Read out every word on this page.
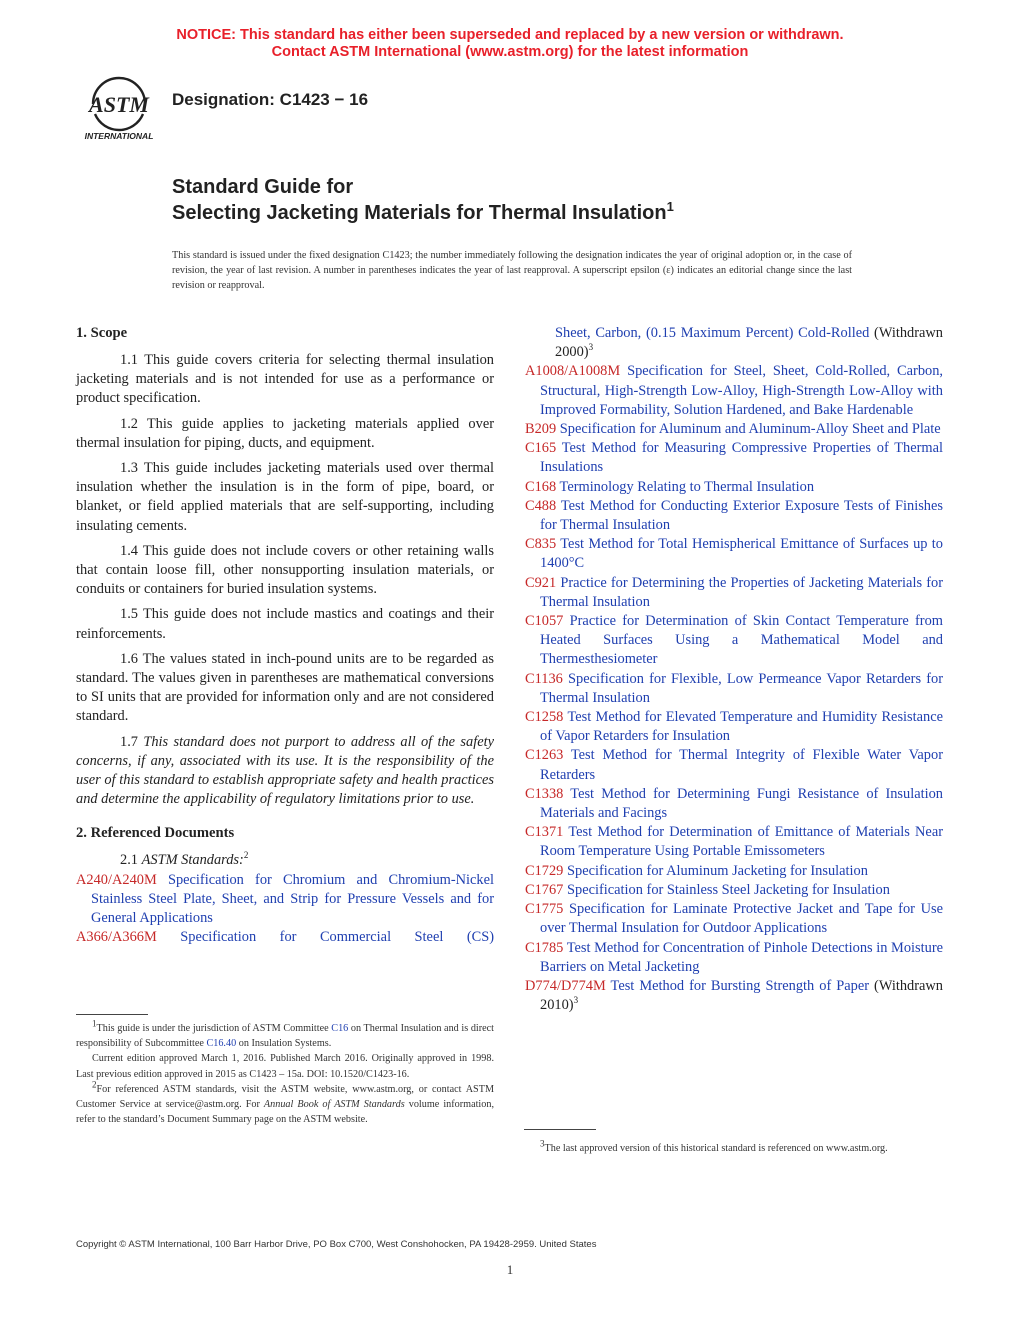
NOTICE: This standard has either been superseded and replaced by a new version or withdrawn.
Contact ASTM International (www.astm.org) for the latest information
ASTM
INTERNATIONAL
Designation: C1423 − 16
Standard Guide for
Selecting Jacketing Materials for Thermal Insulation$^1$
This standard is issued under the fixed designation C1423; the number immediately following the designation indicates the year of original adoption or, in the case of revision, the year of last revision. A number in parentheses indicates the year of last reapproval. A superscript epsilon (ε) indicates an editorial change since the last revision or reapproval.
1. Scope

1.1 This guide covers criteria for selecting thermal insulation jacketing materials and is not intended for use as a performance or product specification.

1.2 This guide applies to jacketing materials applied over thermal insulation for piping, ducts, and equipment.

1.3 This guide includes jacketing materials used over thermal insulation whether the insulation is in the form of pipe, board, or blanket, or field applied materials that are self-supporting, including insulating cements.

1.4 This guide does not include covers or other retaining walls that contain loose fill, other nonsupporting insulation materials, or conduits or containers for buried insulation systems.

1.5 This guide does not include mastics and coatings and their reinforcements.

1.6 The values stated in inch-pound units are to be regarded as standard. The values given in parentheses are mathematical conversions to SI units that are provided for information only and are not considered standard.

1.7 This standard does not purport to address all of the safety concerns, if any, associated with its use. It is the responsibility of the user of this standard to establish appropriate safety and health practices and determine the applicability of regulatory limitations prior to use.

2. Referenced Documents

2.1 ASTM Standards:$^2$

A240/A240M Specification for Chromium and Chromium-Nickel Stainless Steel Plate, Sheet, and Strip for Pressure Vessels and for General Applications

A366/A366M Specification for Commercial Steel (CS)

$^1$This guide is under the jurisdiction of ASTM Committee C16 on Thermal Insulation and is direct responsibility of Subcommittee C16.40 on Insulation Systems.

Current edition approved March 1, 2016. Published March 2016. Originally approved in 1998. Last previous edition approved in 2015 as C1423 – 15a. DOI: 10.1520/C1423-16.

$^2$For referenced ASTM standards, visit the ASTM website, www.astm.org, or contact ASTM Customer Service at service@astm.org. For Annual Book of ASTM Standards volume information, refer to the standard’s Document Summary page on the ASTM website.

Sheet, Carbon, (0.15 Maximum Percent) Cold-Rolled (Withdrawn 2000)$^3$

A1008/A1008M Specification for Steel, Sheet, Cold-Rolled, Carbon, Structural, High-Strength Low-Alloy, High-Strength Low-Alloy with Improved Formability, Solution Hardened, and Bake Hardenable

B209 Specification for Aluminum and Aluminum-Alloy Sheet and Plate

C165 Test Method for Measuring Compressive Properties of Thermal Insulations

C168 Terminology Relating to Thermal Insulation

C488 Test Method for Conducting Exterior Exposure Tests of Finishes for Thermal Insulation

C835 Test Method for Total Hemispherical Emittance of Surfaces up to 1400°C

C921 Practice for Determining the Properties of Jacketing Materials for Thermal Insulation

C1057 Practice for Determination of Skin Contact Temperature from Heated Surfaces Using a Mathematical Model and Thermesthesiometer

C1136 Specification for Flexible, Low Permeance Vapor Retarders for Thermal Insulation

C1258 Test Method for Elevated Temperature and Humidity Resistance of Vapor Retarders for Insulation

C1263 Test Method for Thermal Integrity of Flexible Water Vapor Retarders

C1338 Test Method for Determining Fungi Resistance of Insulation Materials and Facings

C1371 Test Method for Determination of Emittance of Materials Near Room Temperature Using Portable Emissometers

C1729 Specification for Aluminum Jacketing for Insulation

C1767 Specification for Stainless Steel Jacketing for Insulation

C1775 Specification for Laminate Protective Jacket and Tape for Use over Thermal Insulation for Outdoor Applications

C1785 Test Method for Concentration of Pinhole Detections in Moisture Barriers on Metal Jacketing

D774/D774M Test Method for Bursting Strength of Paper (Withdrawn 2010)$^3$

$^3$The last approved version of this historical standard is referenced on www.astm.org.

Copyright © ASTM International, 100 Barr Harbor Drive, PO Box C700, West Conshohocken, PA 19428-2959. United States
1
